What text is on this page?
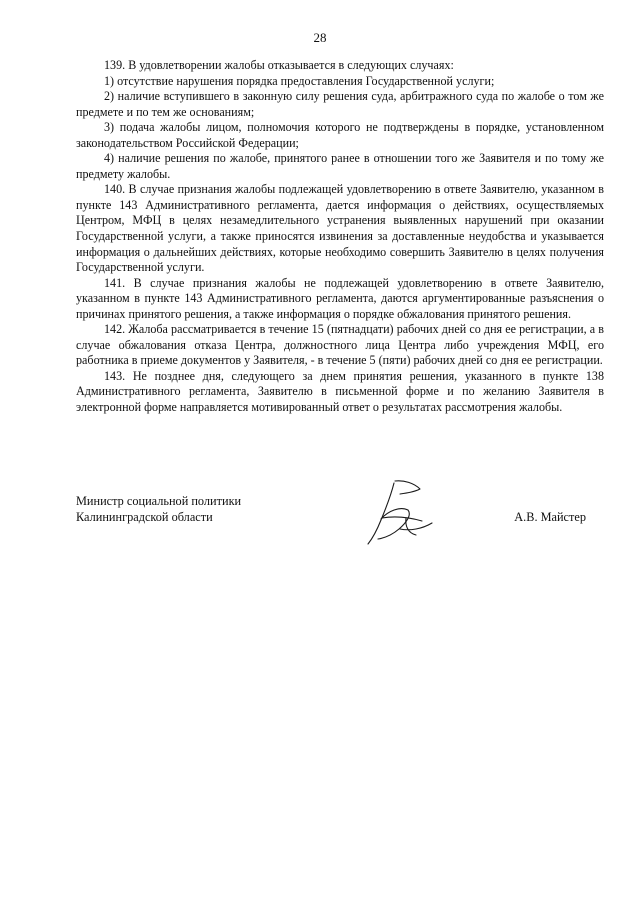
28

139. В удовлетворении жалобы отказывается в следующих случаях:

1) отсутствие нарушения порядка предоставления Государственной услуги;

2) наличие вступившего в законную силу решения суда, арбитражного суда по жалобе о том же предмете и по тем же основаниям;

3) подача жалобы лицом, полномочия которого не подтверждены в порядке, установленном законодательством Российской Федерации;

4) наличие решения по жалобе, принятого ранее в отношении того же Заявителя и по тому же предмету жалобы.

140. В случае признания жалобы подлежащей удовлетворению в ответе Заявителю, указанном в пункте 143 Административного регламента, дается информация о действиях, осуществляемых Центром, МФЦ в целях незамедлительного устранения выявленных нарушений при оказании Государственной услуги, а также приносятся извинения за доставленные неудобства и указывается информация о дальнейших действиях, которые необходимо совершить Заявителю в целях получения Государственной услуги.

141. В случае признания жалобы не подлежащей удовлетворению в ответе Заявителю, указанном в пункте 143 Административного регламента, даются аргументированные разъяснения о причинах принятого решения, а также информация о порядке обжалования принятого решения.

142. Жалоба рассматривается в течение 15 (пятнадцати) рабочих дней со дня ее регистрации, а в случае обжалования отказа Центра, должностного лица Центра либо учреждения МФЦ, его работника в приеме документов у Заявителя, - в течение 5 (пяти) рабочих дней со дня ее регистрации.

143. Не позднее дня, следующего за днем принятия решения, указанного в пункте 138 Административного регламента, Заявителю в письменной форме и по желанию Заявителя в электронной форме направляется мотивированный ответ о результатах рассмотрения жалобы.

Министр социальной политики
Калининградской области	А.В. Майстер
